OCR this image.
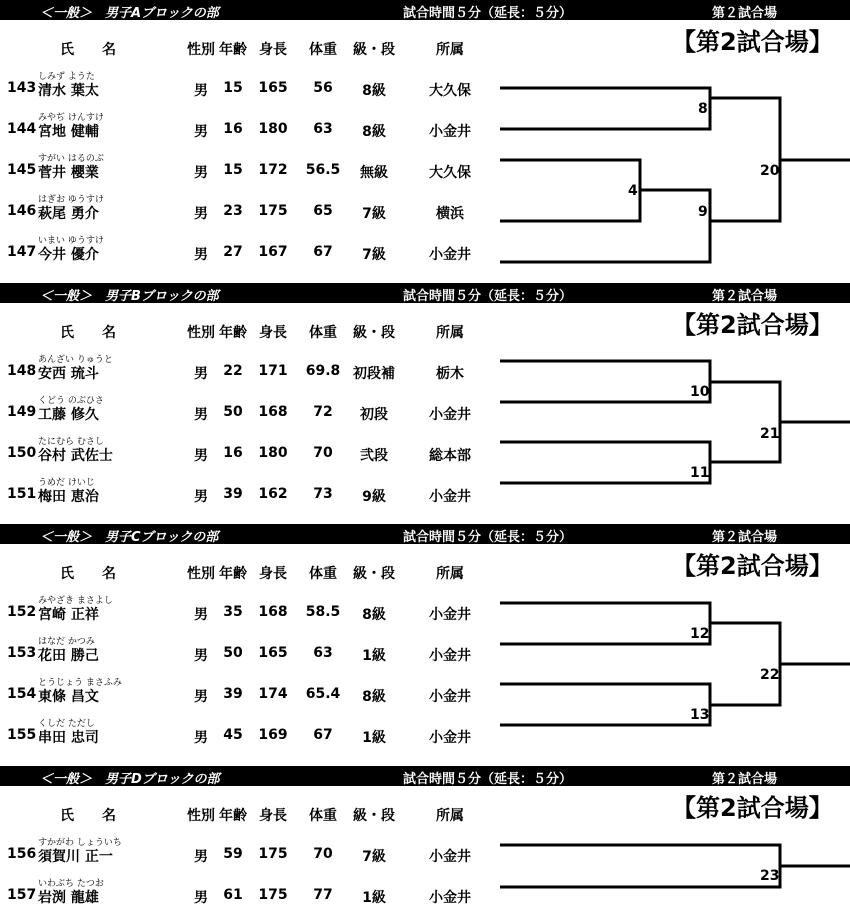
＜一般＞　男子Aブロックの部	試合時間５分（延長：５分）	第２試合場
【第2試合場】
氏　　名	性別 年齢 身長	体重	級・段	所属
しみず ようた
143 清水 葉太	男	15	165	56	8級	大久保
みやぢ けんすけ
144 宮地 健輔	男	16	180	63	8級	小金井
すがい はるのぶ
145 菅井 櫻業	男	15	172 56.5	無級	大久保
はぎお ゆうすけ
146 萩尾 勇介	男	23	175	65	7級	横浜
いまい ゆうすけ
147 今井 優介	男	27	167	67	7級	小金井
8
4
9
20
＜一般＞　男子Bブロックの部	試合時間５分（延長：５分）	第２試合場
【第2試合場】
氏　　名	性別 年齢 身長	体重	級・段	所属
あんざい りゅうと
148 安西 琉斗	男	22	171 69.8 初段補	栃木
くどう のぶひさ
149 工藤 修久	男	50	168	72	初段	小金井
たにむら むさし
150 谷村 武佐士	男	16	180	70	弐段	総本部
うめだ けいじ
151 梅田 恵治	男	39	162	73	9級	小金井
10
11
21
＜一般＞　男子Cブロックの部	試合時間５分（延長：５分）	第２試合場
【第2試合場】
氏　　名	性別 年齢 身長	体重	級・段	所属
みやざき まさよし
152 宮崎 正祥	男	35	168 58.5	8級	小金井
はなだ かつみ
153 花田 勝己	男	50	165	63	1級	小金井
とうじょう まさふみ
154 東條 昌文	男	39	174 65.4	8級	小金井
くしだ ただし
155 串田 忠司	男	45	169	67	1級	小金井
12
13
22
＜一般＞　男子Dブロックの部	試合時間５分（延長：５分）	第２試合場
【第2試合場】
氏　　名	性別 年齢 身長	体重	級・段	所属
すかがわ しょういち
156 須賀川 正一	男	59	175	70	7級	小金井
いわぶち たつお
157 岩渕 龍雄	男	61	175	77	1級	小金井
23
